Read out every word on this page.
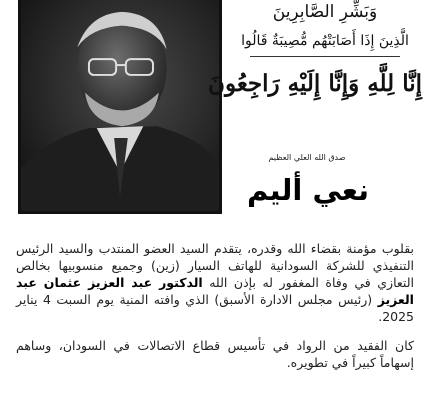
وَبَشِّرِ الصَّابِرِينَ
الَّذِينَ إِذَا أَصَابَتْهُم مُّصِيبَةٌ قَالُوا
إِنَّا لِلَّهِ وَإِنَّا إِلَيْهِ رَاجِعُونَ
صدق الله العلي العظيم
نعي أليم

بقلوب مؤمنة بقضاء الله وقدره، يتقدم السيد العضو المنتدب والسيد الرئيس التنفيذي للشركة السودانية للهاتف السيار (زين) وجميع منسوبيها بخالص التعازي في وفاة المغفور له بإذن الله الدكتور عبد العزيز عثمان عبد العزيز (رئيس مجلس الادارة الأسبق) الذي وافته المنية يوم السبت 4 يناير 2025.

كان الفقيد من الرواد في تأسيس قطاع الاتصالات في السودان، وساهم إسهاماً كبيراً في تطويره.
